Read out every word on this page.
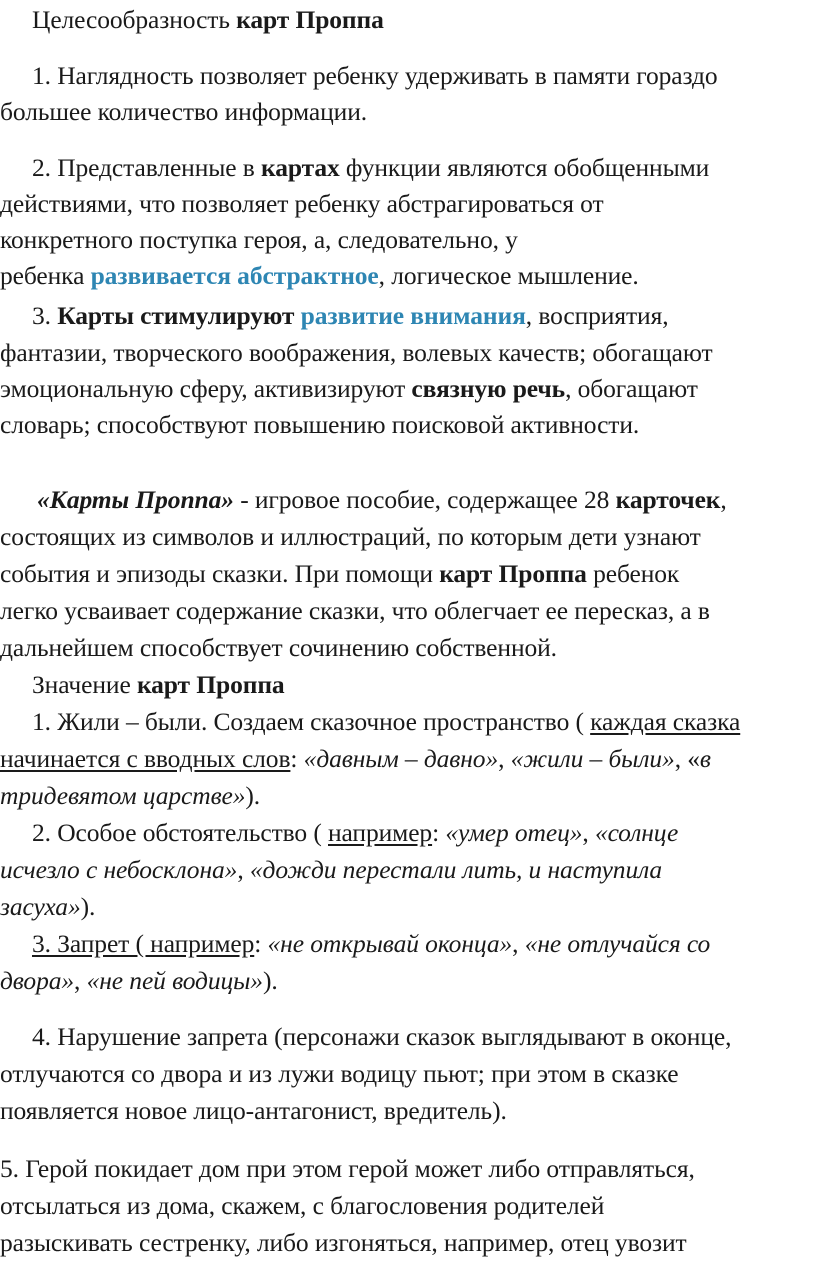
Целесообразность карт Проппа
1. Наглядность позволяет ребенку удерживать в памяти гораздо
большее количество информации.
2. Представленные в картах функции являются обобщенными
действиями, что позволяет ребенку абстрагироваться от
конкретного поступка героя, а, следовательно, у
ребенка развивается абстрактное, логическое мышление.
3. Карты стимулируют развитие внимания, восприятия,
фантазии, творческого воображения, волевых качеств; обогащают
эмоциональную сферу, активизируют связную речь, обогащают
словарь; способствуют повышению поисковой активности.
«Карты Проппа» - игровое пособие, содержащее 28 карточек,
состоящих из символов и иллюстраций, по которым дети узнают
события и эпизоды сказки. При помощи карт Проппа ребенок
легко усваивает содержание сказки, что облегчает ее пересказ, а в
дальнейшем способствует сочинению собственной.
Значение карт Проппа
1. Жили – были. Создаем сказочное пространство ( каждая сказка
начинается с вводных слов: «давным – давно», «жили – были», «в
тридевятом царстве»).
2. Особое обстоятельство ( например: «умер отец», «солнце
исчезло с небосклона», «дожди перестали лить, и наступила
засуха»).
3. Запрет ( например: «не открывай оконца», «не отлучайся со
двора», «не пей водицы»).
4. Нарушение запрета (персонажи сказок выглядывают в оконце,
отлучаются со двора и из лужи водицу пьют; при этом в сказке
появляется новое лицо-антагонист, вредитель).
5. Герой покидает дом при этом герой может либо отправляться,
отсылаться из дома, скажем, с благословения родителей
разыскивать сестренку, либо изгоняться, например, отец увозит
